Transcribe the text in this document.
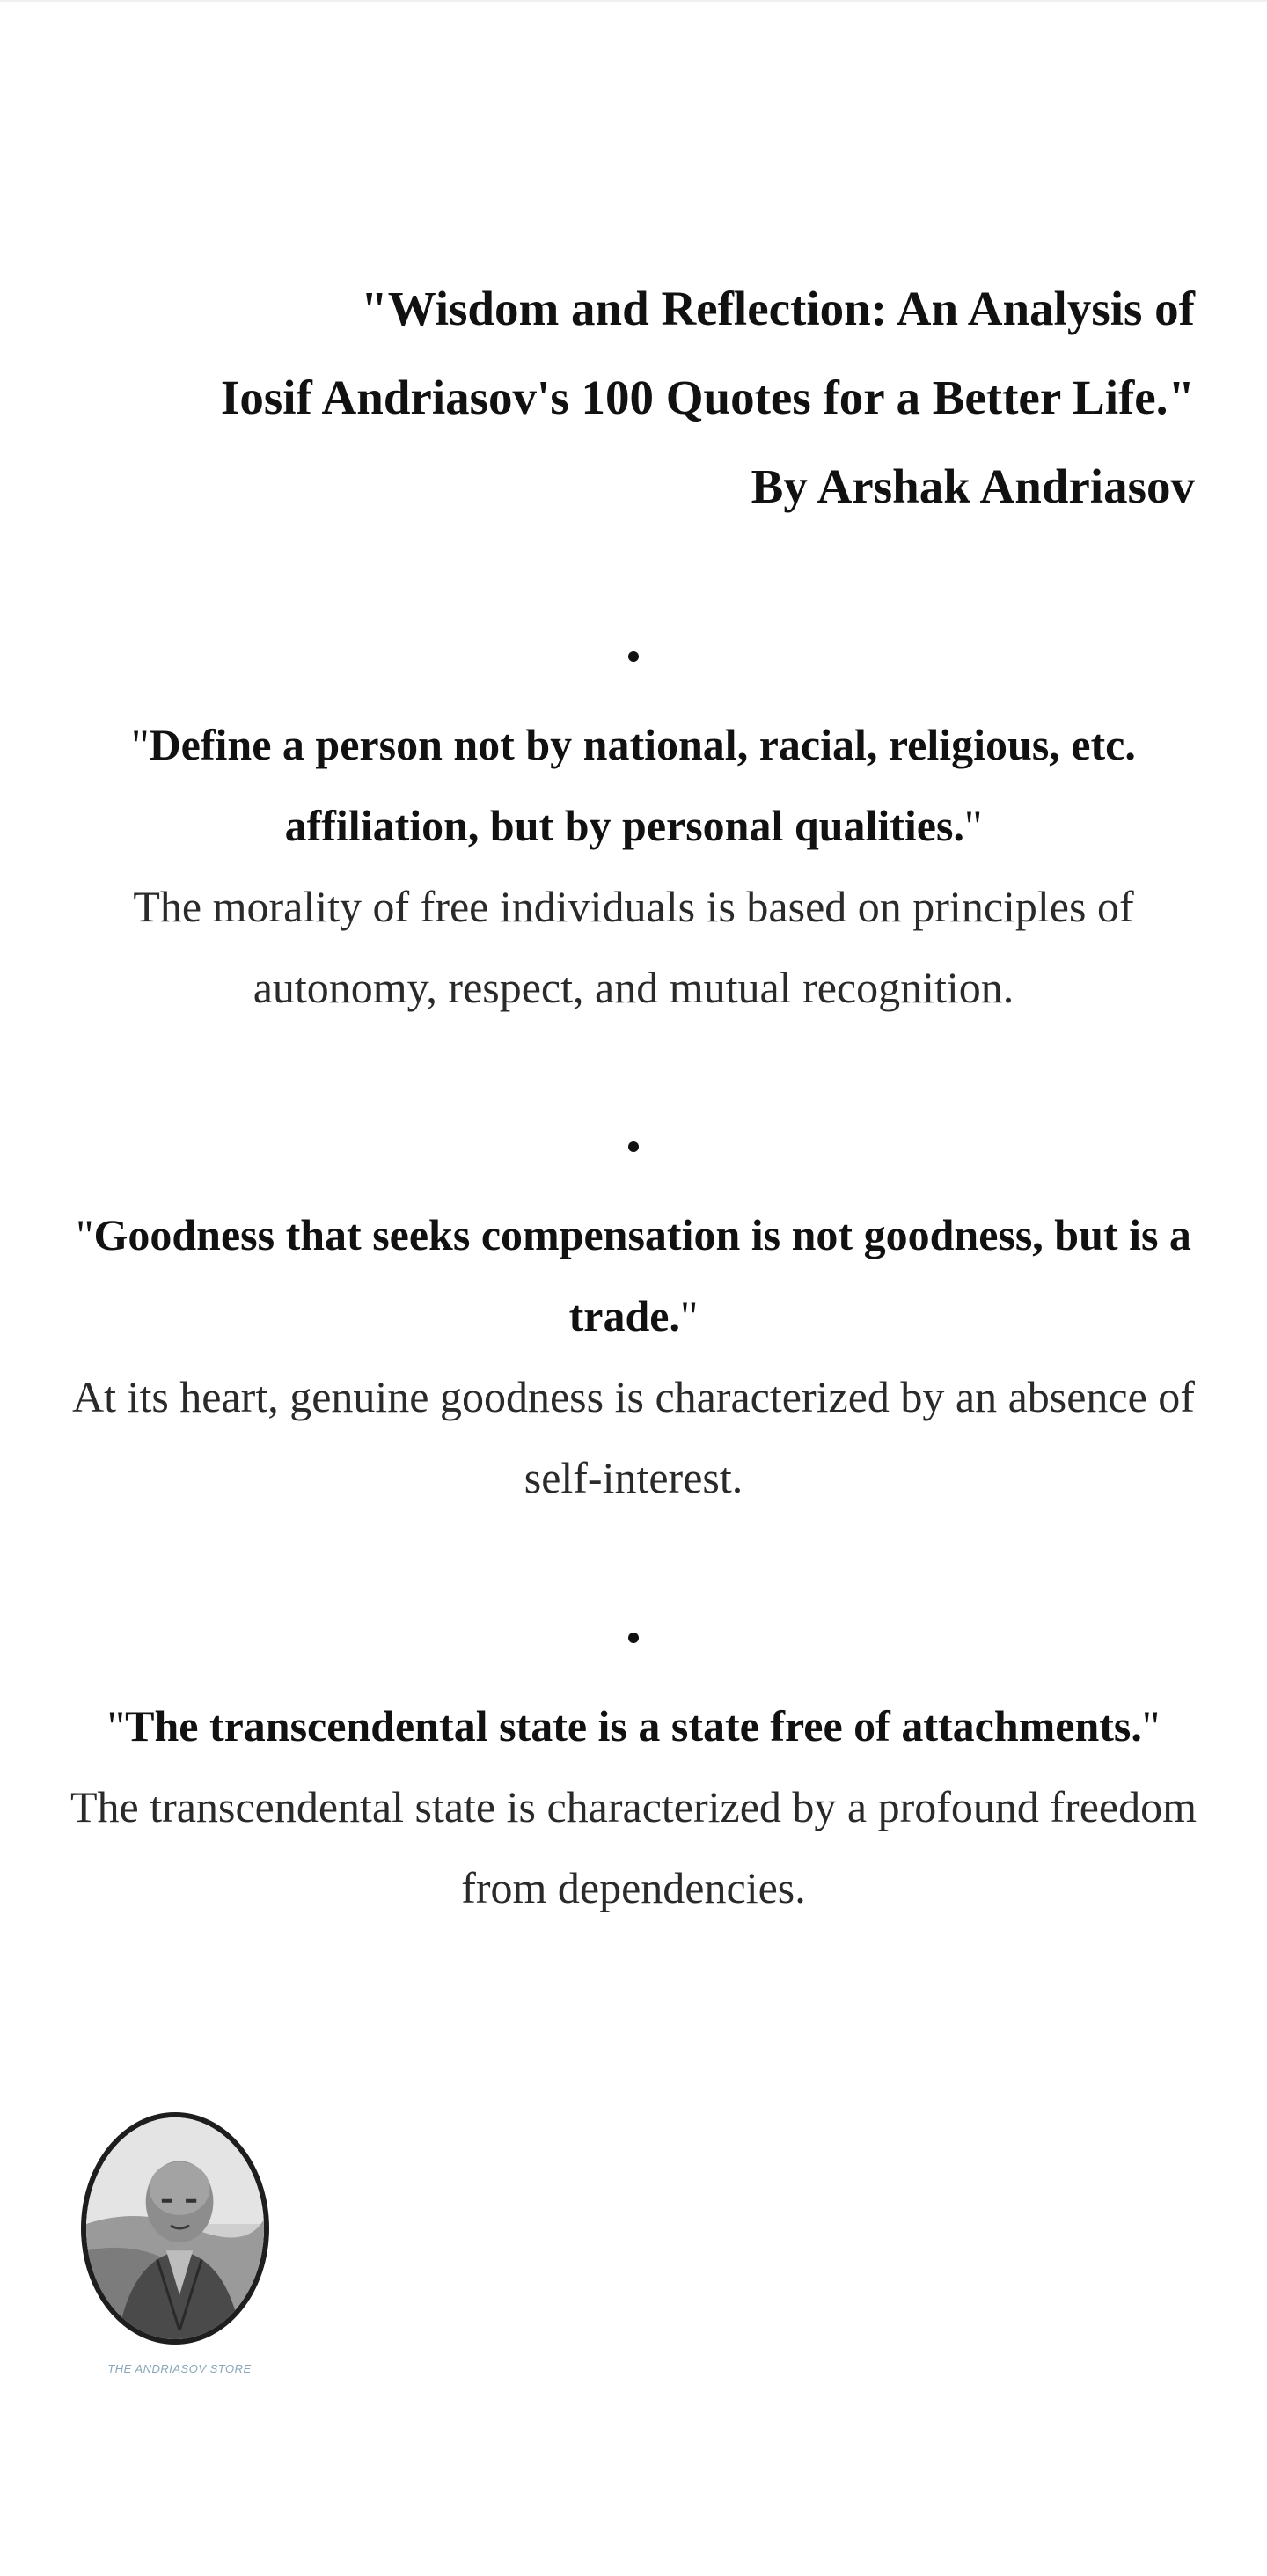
"Wisdom and Reflection: An Analysis of
Iosif Andriasov's 100 Quotes for a Better Life."
By Arshak Andriasov
"Define a person not by national, racial, religious, etc. affiliation, but by personal qualities."
The morality of free individuals is based on principles of autonomy, respect, and mutual recognition.
"Goodness that seeks compensation is not goodness, but is a trade."
At its heart, genuine goodness is characterized by an absence of self-interest.
"The transcendental state is a state free of attachments."
The transcendental state is characterized by a profound freedom from dependencies.
THE ANDRIASOV STORE
